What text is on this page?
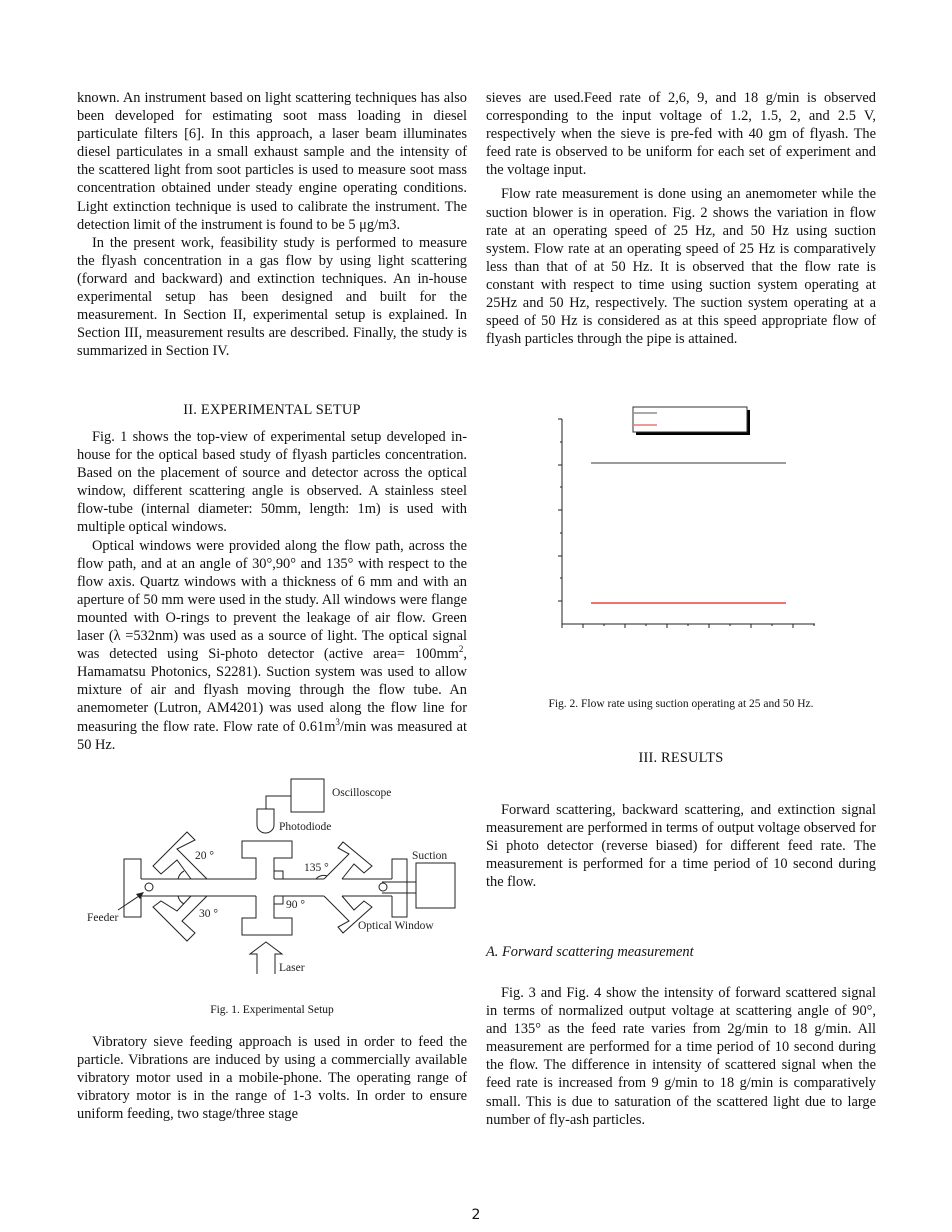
known. An instrument based on light scattering techniques has also been developed for estimating soot mass loading in diesel particulate filters [6]. In this approach, a laser beam illuminates diesel particulates in a small exhaust sample and the intensity of the scattered light from soot particles is used to measure soot mass concentration obtained under steady engine operating conditions. Light extinction technique is used to calibrate the instrument. The detection limit of the instrument is found to be 5 μg/m3.

In the present work, feasibility study is performed to measure the flyash concentration in a gas flow by using light scattering (forward and backward) and extinction techniques. An in-house experimental setup has been designed and built for the measurement. In Section II, experimental setup is explained. In Section III, measurement results are described. Finally, the study is summarized in Section IV.

II. EXPERIMENTAL SETUP

Fig. 1 shows the top-view of experimental setup developed in-house for the optical based study of flyash particles concentration. Based on the placement of source and detector across the optical window, different scattering angle is observed. A stainless steel flow-tube (internal diameter: 50mm, length: 1m) is used with multiple optical windows.

Optical windows were provided along the flow path, across the flow path, and at an angle of 30°,90° and 135° with respect to the flow axis. Quartz windows with a thickness of 6 mm and with an aperture of 50 mm were used in the study. All windows were flange mounted with O-rings to prevent the leakage of air flow. Green laser (λ =532nm) was used as a source of light. The optical signal was detected using Si-photo detector (active area= $100mm^2$, Hamamatsu Photonics, S2281). Suction system was used to allow mixture of air and flyash moving through the flow tube. An anemometer (Lutron, AM4201) was used along the flow line for measuring the flow rate. Flow rate of $0.61m^3/\min$ was measured at 50 Hz.

Oscilloscope
Photodiode
Suction
Feeder
Optical Window
Laser
20 °
30 °
90 °
135 °
Fig. 1. Experimental Setup

Vibratory sieve feeding approach is used in order to feed the particle. Vibrations are induced by using a commercially available vibratory motor used in a mobile-phone. The operating range of vibratory motor is in the range of 1-3 volts. In order to ensure uniform feeding, two stage/three stage

sieves are used.Feed rate of 2,6, 9, and 18 g/min is observed corresponding to the input voltage of 1.2, 1.5, 2, and 2.5 V, respectively when the sieve is pre-fed with 40 gm of flyash. The feed rate is observed to be uniform for each set of experiment and the voltage input.

Flow rate measurement is done using an anemometer while the suction blower is in operation. Fig. 2 shows the variation in flow rate at an operating speed of 25 Hz, and 50 Hz using suction system. Flow rate at an operating speed of 25 Hz is comparatively less than that of at 50 Hz. It is observed that the flow rate is constant with respect to time using suction system operating at 25Hz and 50 Hz, respectively. The suction system operating at a speed of 50 Hz is considered as at this speed appropriate flow of flyash particles through the pipe is attained.

Fig. 2. Flow rate using suction operating at 25 and 50 Hz.
III. RESULTS

Forward scattering, backward scattering, and extinction signal measurement are performed in terms of output voltage observed for Si photo detector (reverse biased) for different feed rate. The measurement is performed for a time period of 10 second during the flow.

A. Forward scattering measurement

Fig. 3 and Fig. 4 show the intensity of forward scattered signal in terms of normalized output voltage at scattering angle of 90°, and 135° as the feed rate varies from 2g/min to 18 g/min. All measurement are performed for a time period of 10 second during the flow. The difference in intensity of scattered signal when the feed rate is increased from 9 g/min to 18 g/min is comparatively small. This is due to saturation of the scattered light due to large number of fly-ash particles.

2
